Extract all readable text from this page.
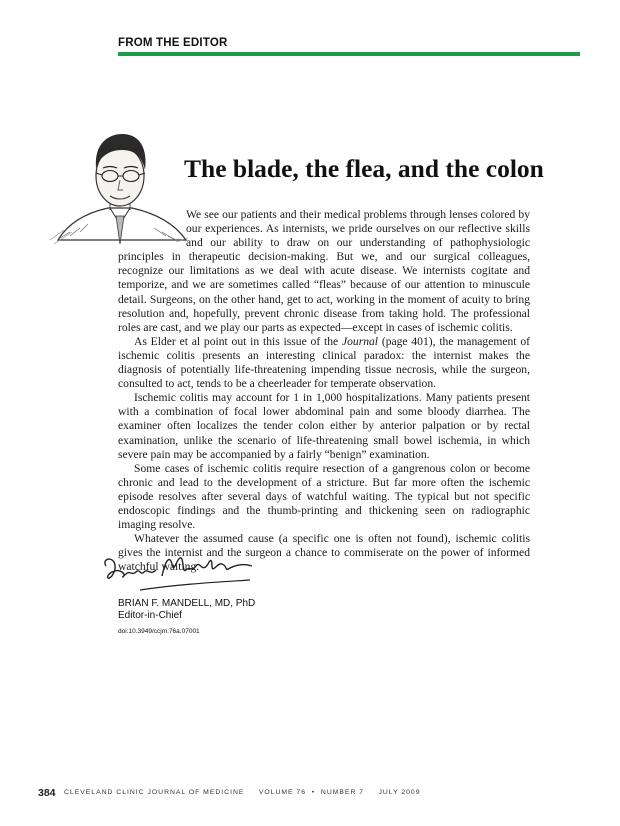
FROM THE EDITOR
The blade, the flea, and the colon

We see our patients and their medical problems through lenses colored by our experiences. As internists, we pride ourselves on our reflective skills and our ability to draw on our understanding of pathophysiologic principles in therapeutic decision-making. But we, and our surgical colleagues, recognize our limitations as we deal with acute disease. We internists cogitate and temporize, and we are sometimes called “fleas” because of our attention to minuscule detail. Surgeons, on the other hand, get to act, working in the moment of acuity to bring resolution and, hopefully, prevent chronic disease from taking hold. The professional roles are cast, and we play our parts as expected—except in cases of ischemic colitis.

As Elder et al point out in this issue of the Journal (page 401), the management of ischemic colitis presents an interesting clinical paradox: the internist makes the diagnosis of potentially life-threatening impending tissue necrosis, while the surgeon, consulted to act, tends to be a cheerleader for temperate observation.

Ischemic colitis may account for 1 in 1,000 hospitalizations. Many patients present with a combination of focal lower abdominal pain and some bloody diarrhea. The examiner often localizes the tender colon either by anterior palpation or by rectal examination, unlike the scenario of life-threatening small bowel ischemia, in which severe pain may be accompanied by a fairly “benign” examination.

Some cases of ischemic colitis require resection of a gangrenous colon or become chronic and lead to the development of a stricture. But far more often the ischemic episode resolves after several days of watchful waiting. The typical but not specific endoscopic findings and the thumb-printing and thickening seen on radiographic imaging resolve.

Whatever the assumed cause (a specific one is often not found), ischemic colitis gives the internist and the surgeon a chance to commiserate on the power of informed watchful waiting.

Brian Mandell
BRIAN F. MANDELL, MD, PhD
Editor-in-Chief
doi:10.3949/ccjm.76a.07001
384 CLEVELAND CLINIC JOURNAL OF MEDICINE     VOLUME 76  •  NUMBER 7     JULY 2009
